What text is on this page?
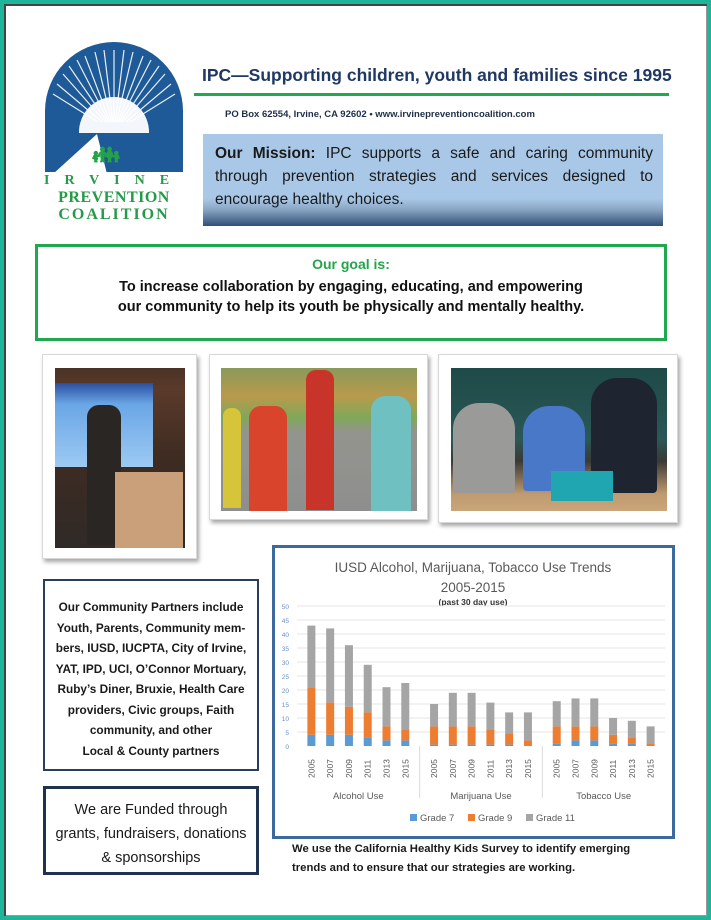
👪︎
IRVINE
PREVENTION
COALITION
IPC—Supporting children, youth and families since 1995
PO Box 62554, Irvine, CA 92602 • www.irvinepreventioncoalition.com
Our Mission: IPC supports a safe and caring community through prevention strategies and services designed to encourage healthy choices.
Our goal is:
To increase collaboration by engaging, educating, and empowering
our community to help its youth be physically and mentally healthy.
Our Community Partners include
Youth, Parents, Community mem-
bers, IUSD, IUCPTA, City of Irvine,
YAT, IPD, UCI, O’Connor Mortuary,
Ruby’s Diner, Bruxie, Health Care
providers, Civic groups, Faith
community, and other
Local & County partners
We are Funded through
grants, fundraisers, donations
& sponsorships
IUSD Alcohol, Marijuana, Tobacco Use Trends
2005-2015
(past 30 day use)
0
5
10
15
20
25
30
35
40
45
50
2005 2007 2009 2011 2013 2015 2005 2007 2009 2011 2013 2015 2005 2007 2009 2011 2013 2015
Alcohol Use	Marijuana Use	Tobacco Use
Grade 7 Grade 9 Grade 11
We use the California Healthy Kids Survey to identify emerging
trends and to ensure that our strategies are working.
